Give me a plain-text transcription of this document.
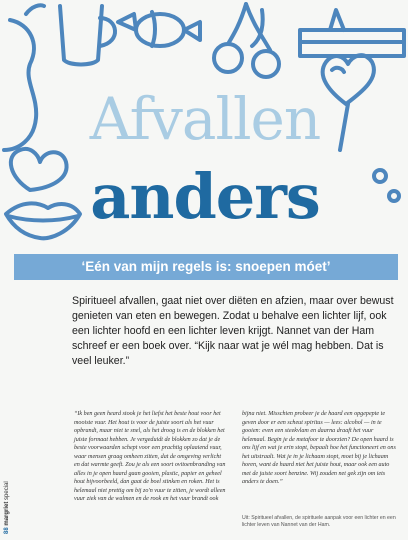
Afvallen
anders
‘Eén van mijn regels is: snoepen móet’

Spiritueel afvallen, gaat niet over diëten en afzien, maar over bewust genieten van eten en bewegen. Zodat u behalve een lichter lijf, ook een lichter hoofd en een lichter leven krijgt. Nannet van der Ham schreef er een boek over. “Kijk naar wat je wél mag hebben. Dat is veel leuker.”

“Ik ben geen heard stook je het liefst het beste hout voor het mooiste vuur. Het hout is voor de juiste soort als het vuur opbrandt, maar niet te snel, als het droog is en de blokken het juiste formaat hebben. Je vergeduidt de blokken zo dat je de beste voorwaarden schept voor een prachtig oplaaiend vuur, waar mensen graag omheen zitten, dat de omgeving verlicht en dat warmte geeft. Zou je als een soort ovitoenbranding van alles in je open haard gaan gooien, plastic, papier en geheel hout bijvoorbeeld, dan gaat de boel stinken en roken. Het is helemaal niet prettig om bij zo'n vuur te zitten, je wordt alleen vuur ziek van de walmen en de rook en het vuur brandt ook

bijna niet. Misschien probeer je de haard een opgepepte te geven door er een scheut spiritus — lees: alcohol — in te gooien: even een steekvlam en daarna draaft het vuur helemaal. Begin je de metafoor te doorzien? De open haard is ons lijf en wat je erin stopt, bepaalt hoe het functioneert en ons het uitstraalt. Wat je in je lichaam stopt, moet bij je lichaam horen, want de haard niet het juiste hout, maar ook een auto met de juiste soort benzine. Wij zouden net gek zijn om iets anders te doen.”

Uit: Spiritueel afvallen, de spirituele aanpak voor een lichter en een lichter leven van Nannet van der Ham.

88 margriet special
